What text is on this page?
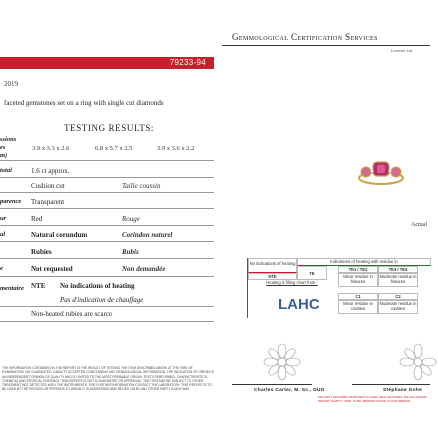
79233-94
2019
faceted gemstones set on a ring with single cut diamonds
TESTING RESULTS:
ssions
es
m)
3.9 x 3.3 x 2.6	6.8 x 5.7 x 2.5	3.9 x 3.6 x 2.2
total	1.6 ct approx.
Cushion cut	Taille coussin
parence Transparent
ur	Red	Rouge
al	Natural corundum	Corindon naturel
Rubies	Rubis
e	Not requested	Non demandée
mentaire NTE No indications of heating
Pas d'indication de chauffage
Non-heated rubies are scarce
THE INFORMATION CONTAINED IN THE REPORT IS THE RESULT OF TESTING THE ITEM DESCRIBED ABOVE AT THE TIME OF EXAMINATION. NO GUARANTEE, LIABILITY ACCEPTED CONCERNING ANY GEMMOLOGICAL INFORMATION. THE INDICATION OF ORIGIN IS AN INDEPENDENT OPINION OF QUALITY AND IS LIMITED TO THE MOST PROBABLE ORIGIN. TESTS PERFORMED, CHARACTERISTICS, CHEMICAL AND PHYSICAL EVIDENCE. THIS REPORT IS NOT A GUARANTEE OR APPRAISAL. THE ITEM MAY BE SUBJECT TO OTHER TREATMENT NOT DETECTED WITH THE INSTRUMENTS. FOR FURTHER INFORMATION CONTACT THE LABORATORY. THIS REPORT IS TO BE USED BY THE PERSON OR PERSONS TO WHOM IT IS ADDRESSED AND RELIED ON BY ANY OTHER PARTY IN ANY WAY.
Gemmological Certification Services
London UK
Actual
No indications of heating	Indications of heating with residue in
NTE
TE
TE1 / TE2	TE3 / TE4
Heating & filling chart from :
Minor residue in fissures
Moderate residue in fissures
C1	C2
Minor residue in cavities
Moderate residue in cavities
LAHC
Charles Carter, M. Sc., DUG	Stéphane Gohe
SECURITY FEATURES: MICROTEXT IN LINES, SEAL FEATURES, AND HOLOGRAM. REPORT VALIDITY: CERT. TO BE VERIFIED ONLINE AT OUR WEBSITE.
